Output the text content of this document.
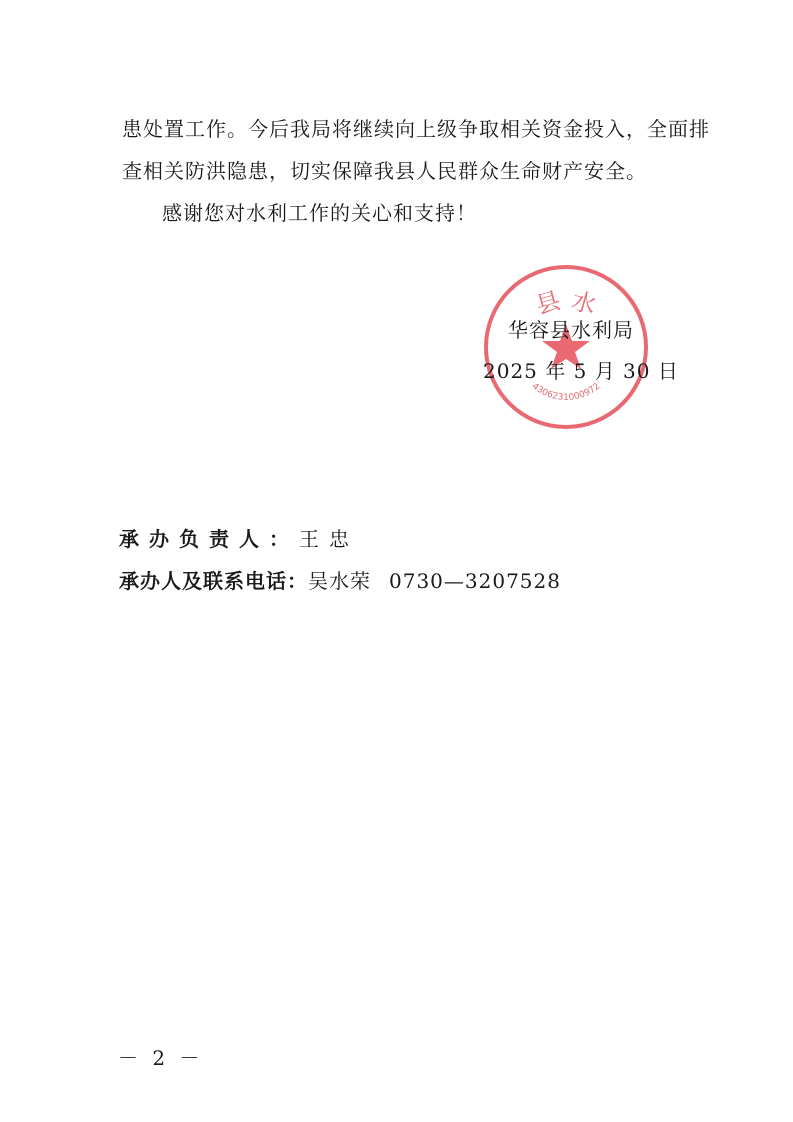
患处置工作。今后我局将继续向上级争取相关资金投入，全面排
查相关防洪隐患，切实保障我县人民群众生命财产安全。
感谢您对水利工作的关心和支持！
县 水
4306231000972
华容县水利局
2025 年 5 月 30 日
承办负责人：王忠
承办人及联系电话：吴水荣 0730—3207528
－ 2 －
